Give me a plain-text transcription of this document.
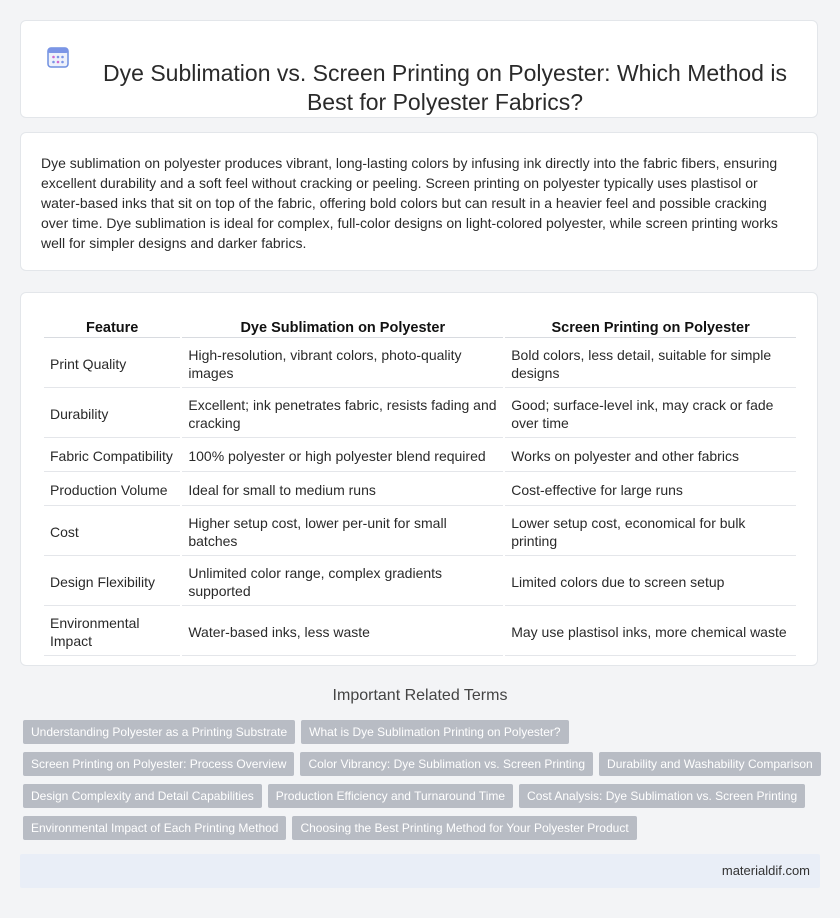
Dye Sublimation vs. Screen Printing on Polyester: Which Method is Best for Polyester Fabrics?

Dye sublimation on polyester produces vibrant, long-lasting colors by infusing ink directly into the fabric fibers, ensuring excellent durability and a soft feel without cracking or peeling. Screen printing on polyester typically uses plastisol or water-based inks that sit on top of the fabric, offering bold colors but can result in a heavier feel and possible cracking over time. Dye sublimation is ideal for complex, full-color designs on light-colored polyester, while screen printing works well for simpler designs and darker fabrics.

Feature	Dye Sublimation on Polyester	Screen Printing on Polyester
Print Quality	High-resolution, vibrant colors, photo-quality images	Bold colors, less detail, suitable for simple designs
Durability	Excellent; ink penetrates fabric, resists fading and cracking	Good; surface-level ink, may crack or fade over time
Fabric Compatibility	100% polyester or high polyester blend required	Works on polyester and other fabrics
Production Volume	Ideal for small to medium runs	Cost-effective for large runs
Cost	Higher setup cost, lower per-unit for small batches	Lower setup cost, economical for bulk printing
Design Flexibility	Unlimited color range, complex gradients supported	Limited colors due to screen setup
Environmental Impact	Water-based inks, less waste	May use plastisol inks, more chemical waste
Important Related Terms
Understanding Polyester as a Printing Substrate What is Dye Sublimation Printing on Polyester?
Screen Printing on Polyester: Process Overview Color Vibrancy: Dye Sublimation vs. Screen Printing Durability and Washability Comparison
Design Complexity and Detail Capabilities Production Efficiency and Turnaround Time Cost Analysis: Dye Sublimation vs. Screen Printing
Environmental Impact of Each Printing Method Choosing the Best Printing Method for Your Polyester Product
materialdif.com
